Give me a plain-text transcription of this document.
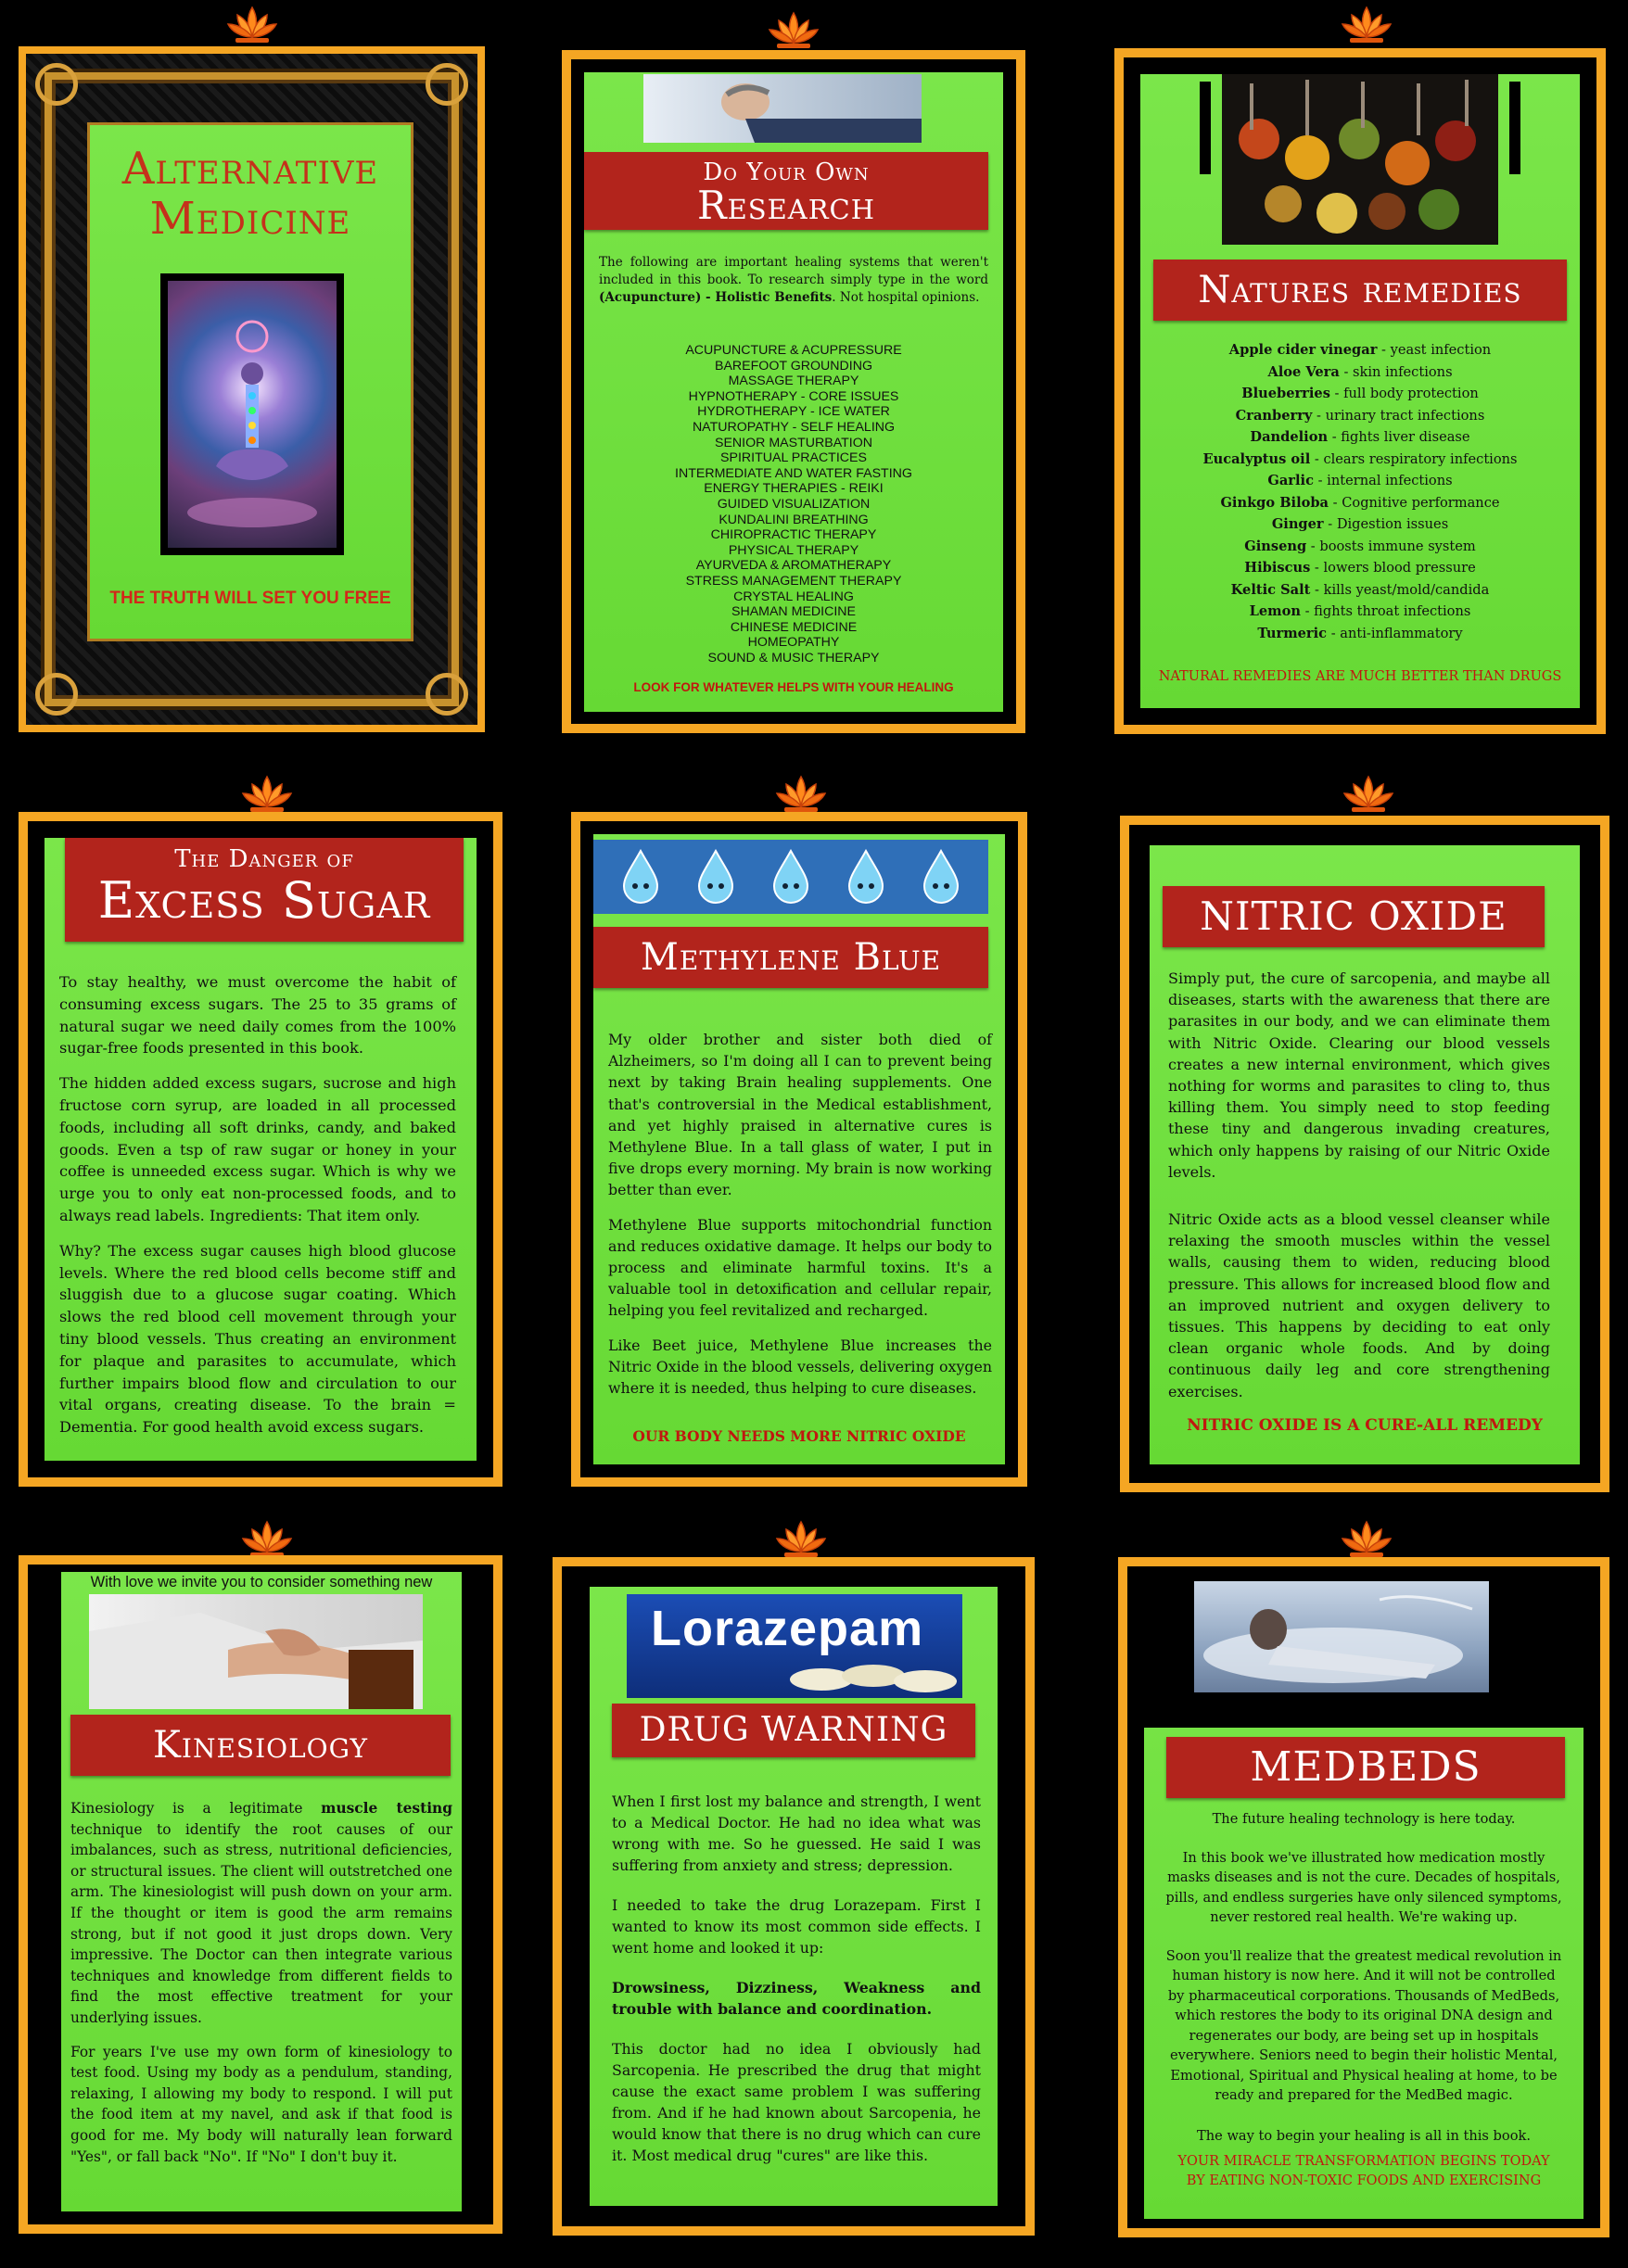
Alternative
Medicine
THE TRUTH WILL SET YOU FREE
Do Your Own
Research
The following are important healing systems that weren't included in this book. To research simply type in the word (Acupuncture) - Holistic Benefits. Not hospital opinions.
ACUPUNCTURE & ACUPRESSURE
BAREFOOT GROUNDING
MASSAGE THERAPY
HYPNOTHERAPY - CORE ISSUES
HYDROTHERAPY - ICE WATER
NATUROPATHY - SELF HEALING
SENIOR MASTURBATION
SPIRITUAL PRACTICES
INTERMEDIATE AND WATER FASTING
ENERGY THERAPIES - REIKI
GUIDED VISUALIZATION
KUNDALINI BREATHING
CHIROPRACTIC THERAPY
PHYSICAL THERAPY
AYURVEDA & AROMATHERAPY
STRESS MANAGEMENT THERAPY
CRYSTAL HEALING
SHAMAN MEDICINE
CHINESE MEDICINE
HOMEOPATHY
SOUND & MUSIC THERAPY
LOOK FOR WHATEVER HELPS WITH YOUR HEALING
Natures remedies
Apple cider vinegar - yeast infection
Aloe Vera - skin infections
Blueberries - full body protection
Cranberry - urinary tract infections
Dandelion - fights liver disease
Eucalyptus oil - clears respiratory infections
Garlic - internal infections
Ginkgo Biloba - Cognitive performance
Ginger - Digestion issues
Ginseng - boosts immune system
Hibiscus - lowers blood pressure
Keltic Salt - kills yeast/mold/candida
Lemon - fights throat infections
Turmeric - anti-inflammatory
NATURAL REMEDIES ARE MUCH BETTER THAN DRUGS
The Danger of
Excess Sugar

To stay healthy, we must overcome the habit of consuming excess sugars. The 25 to 35 grams of natural sugar we need daily comes from the 100% sugar-free foods presented in this book.

The hidden added excess sugars, sucrose and high fructose corn syrup, are loaded in all processed foods, including all soft drinks, candy, and baked goods. Even a tsp of raw sugar or honey in your coffee is unneeded excess sugar. Which is why we urge you to only eat non-processed foods, and to always read labels. Ingredients: That item only.

Why? The excess sugar causes high blood glucose levels. Where the red blood cells become stiff and sluggish due to a glucose sugar coating. Which slows the red blood cell movement through your tiny blood vessels. Thus creating an environment for plaque and parasites to accumulate, which further impairs blood flow and circulation to our vital organs, creating disease. To the brain = Dementia. For good health avoid excess sugars.

Methylene Blue

My older brother and sister both died of Alzheimers, so I'm doing all I can to prevent being next by taking Brain healing supplements. One that's controversial in the Medical establishment, and yet highly praised in alternative cures is Methylene Blue. In a tall glass of water, I put in five drops every morning. My brain is now working better than ever.

Methylene Blue supports mitochondrial function and reduces oxidative damage. It helps our body to process and eliminate harmful toxins. It's a valuable tool in detoxification and cellular repair, helping you feel revitalized and recharged.

Like Beet juice, Methylene Blue increases the Nitric Oxide in the blood vessels, delivering oxygen where it is needed, thus helping to cure diseases.

OUR BODY NEEDS MORE NITRIC OXIDE
NITRIC OXIDE

Simply put, the cure of sarcopenia, and maybe all diseases, starts with the awareness that there are parasites in our body, and we can eliminate them with Nitric Oxide. Clearing our blood vessels creates a new internal environment, which gives nothing for worms and parasites to cling to, thus killing them. You simply need to stop feeding these tiny and dangerous invading creatures, which only happens by raising of our Nitric Oxide levels.

Nitric Oxide acts as a blood vessel cleanser while relaxing the smooth muscles within the vessel walls, causing them to widen, reducing blood pressure. This allows for increased blood flow and an improved nutrient and oxygen delivery to tissues. This happens by deciding to eat only clean organic whole foods. And by doing continuous daily leg and core strengthening exercises.

NITRIC OXIDE IS A CURE-ALL REMEDY
With love we invite you to consider something new
Kinesiology

Kinesiology is a legitimate muscle testing technique to identify the root causes of our imbalances, such as stress, nutritional deficiencies, or structural issues. The client will outstretched one arm. The kinesiologist will push down on your arm. If the thought or item is good the arm remains strong, but if not good it just drops down. Very impressive. The Doctor can then integrate various techniques and knowledge from different fields to find the most effective treatment for your underlying issues.

For years I've use my own form of kinesiology to test food. Using my body as a pendulum, standing, relaxing, I allowing my body to respond. I will put the food item at my navel, and ask if that food is good for me. My body will naturally lean forward "Yes", or fall back "No". If "No" I don't buy it.

Lorazepam
DRUG WARNING

When I first lost my balance and strength, I went to a Medical Doctor. He had no idea what was wrong with me. So he guessed. He said I was suffering from anxiety and stress; depression.

I needed to take the drug Lorazepam. First I wanted to know its most common side effects. I went home and looked it up:

Drowsiness, Dizziness, Weakness and trouble with balance and coordination.

This doctor had no idea I obviously had Sarcopenia. He prescribed the drug that might cause the exact same problem I was suffering from. And if he had known about Sarcopenia, he would know that there is no drug which can cure it. Most medical drug "cures" are like this.

MEDBEDS

The future healing technology is here today.

In this book we've illustrated how medication mostly masks diseases and is not the cure. Decades of hospitals, pills, and endless surgeries have only silenced symptoms, never restored real health. We're waking up.

Soon you'll realize that the greatest medical revolution in human history is now here. And it will not be controlled by pharmaceutical corporations. Thousands of MedBeds, which restores the body to its original DNA design and regenerates our body, are being set up in hospitals everywhere. Seniors need to begin their holistic Mental, Emotional, Spiritual and Physical healing at home, to be ready and prepared for the MedBed magic.

The way to begin your healing is all in this book.

YOUR MIRACLE TRANSFORMATION BEGINS TODAY
BY EATING NON-TOXIC FOODS AND EXERCISING
